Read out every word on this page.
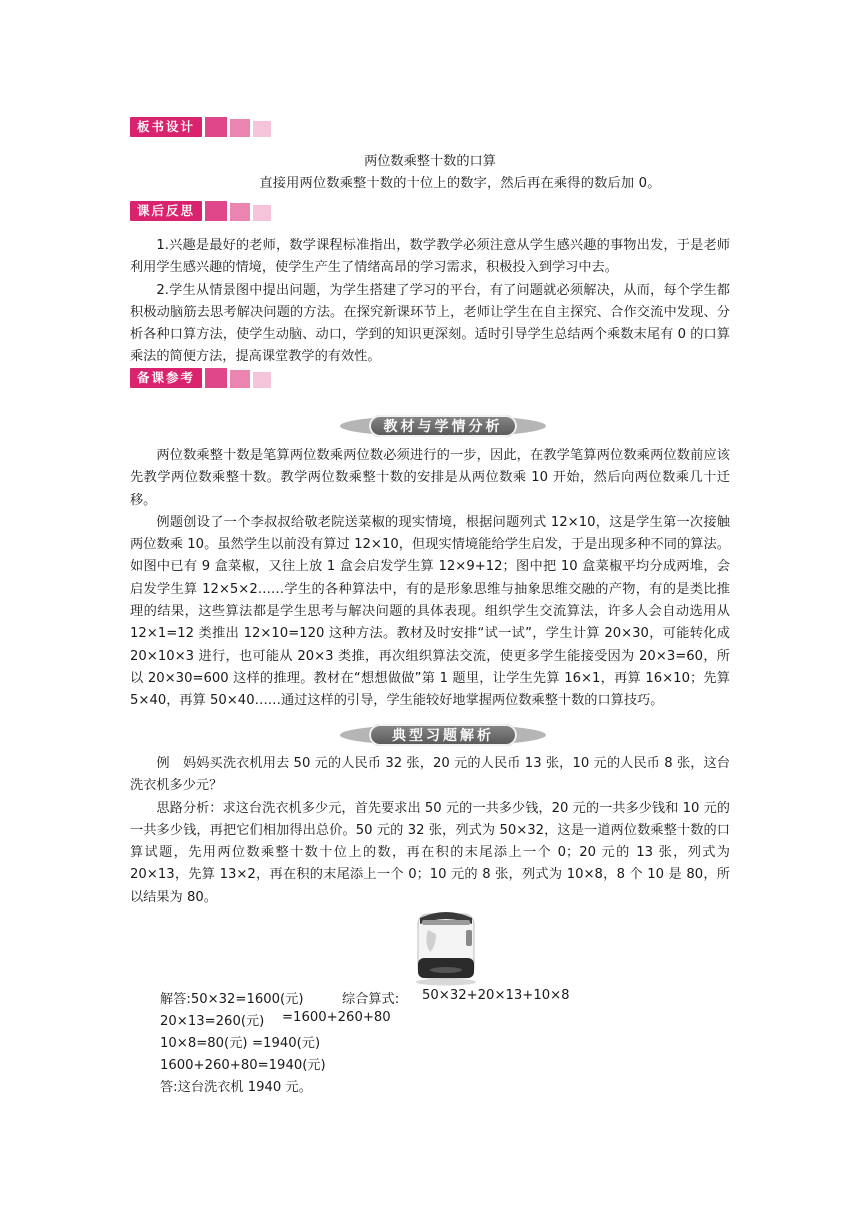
板书设计
两位数乘整十数的口算
直接用两位数乘整十数的十位上的数字，然后再在乘得的数后加 0。
课后反思

1.兴趣是最好的老师，数学课程标准指出，数学教学必须注意从学生感兴趣的事物出发，于是老师利用学生感兴趣的情境，使学生产生了情绪高昂的学习需求，积极投入到学习中去。

2.学生从情景图中提出问题，为学生搭建了学习的平台，有了问题就必须解决，从而，每个学生都积极动脑筋去思考解决问题的方法。在探究新课环节上，老师让学生在自主探究、合作交流中发现、分析各种口算方法，使学生动脑、动口，学到的知识更深刻。适时引导学生总结两个乘数末尾有 0 的口算乘法的简便方法，提高课堂教学的有效性。

备课参考
教材与学情分析

两位数乘整十数是笔算两位数乘两位数必须进行的一步，因此，在教学笔算两位数乘两位数前应该先教学两位数乘整十数。教学两位数乘整十数的安排是从两位数乘 10 开始，然后向两位数乘几十迁移。

例题创设了一个李叔叔给敬老院送菜椒的现实情境，根据问题列式 12×10，这是学生第一次接触两位数乘 10。虽然学生以前没有算过 12×10，但现实情境能给学生启发，于是出现多种不同的算法。如图中已有 9 盒菜椒，又往上放 1 盒会启发学生算 12×9+12；图中把 10 盒菜椒平均分成两堆，会启发学生算 12×5×2……学生的各种算法中，有的是形象思维与抽象思维交融的产物，有的是类比推理的结果，这些算法都是学生思考与解决问题的具体表现。组织学生交流算法，许多人会自动选用从 12×1=12 类推出 12×10=120 这种方法。教材及时安排“试一试”，学生计算 20×30，可能转化成 20×10×3 进行，也可能从 20×3 类推，再次组织算法交流，使更多学生能接受因为 20×3=60，所以 20×30=600 这样的推理。教材在“想想做做”第 1 题里，让学生先算 16×1，再算 16×10；先算 5×40，再算 50×40……通过这样的引导，学生能较好地掌握两位数乘整十数的口算技巧。

典型习题解析

例　妈妈买洗衣机用去 50 元的人民币 32 张，20 元的人民币 13 张，10 元的人民币 8 张，这台洗衣机多少元？

思路分析：求这台洗衣机多少元，首先要求出 50 元的一共多少钱，20 元的一共多少钱和 10 元的一共多少钱，再把它们相加得出总价。50 元的 32 张，列式为 50×32，这是一道两位数乘整十数的口算试题，先用两位数乘整十数十位上的数，再在积的末尾添上一个 0；20 元的 13 张，列式为 20×13，先算 13×2，再在积的末尾添上一个 0；10 元的 8 张，列式为 10×8，8 个 10 是 80，所以结果为 80。

解答:50×32=1600(元)	综合算式: 50×32+20×13+10×8
20×13=260(元) =1600+260+80
10×8=80(元) =1940(元)
1600+260+80=1940(元)
答:这台洗衣机 1940 元。
